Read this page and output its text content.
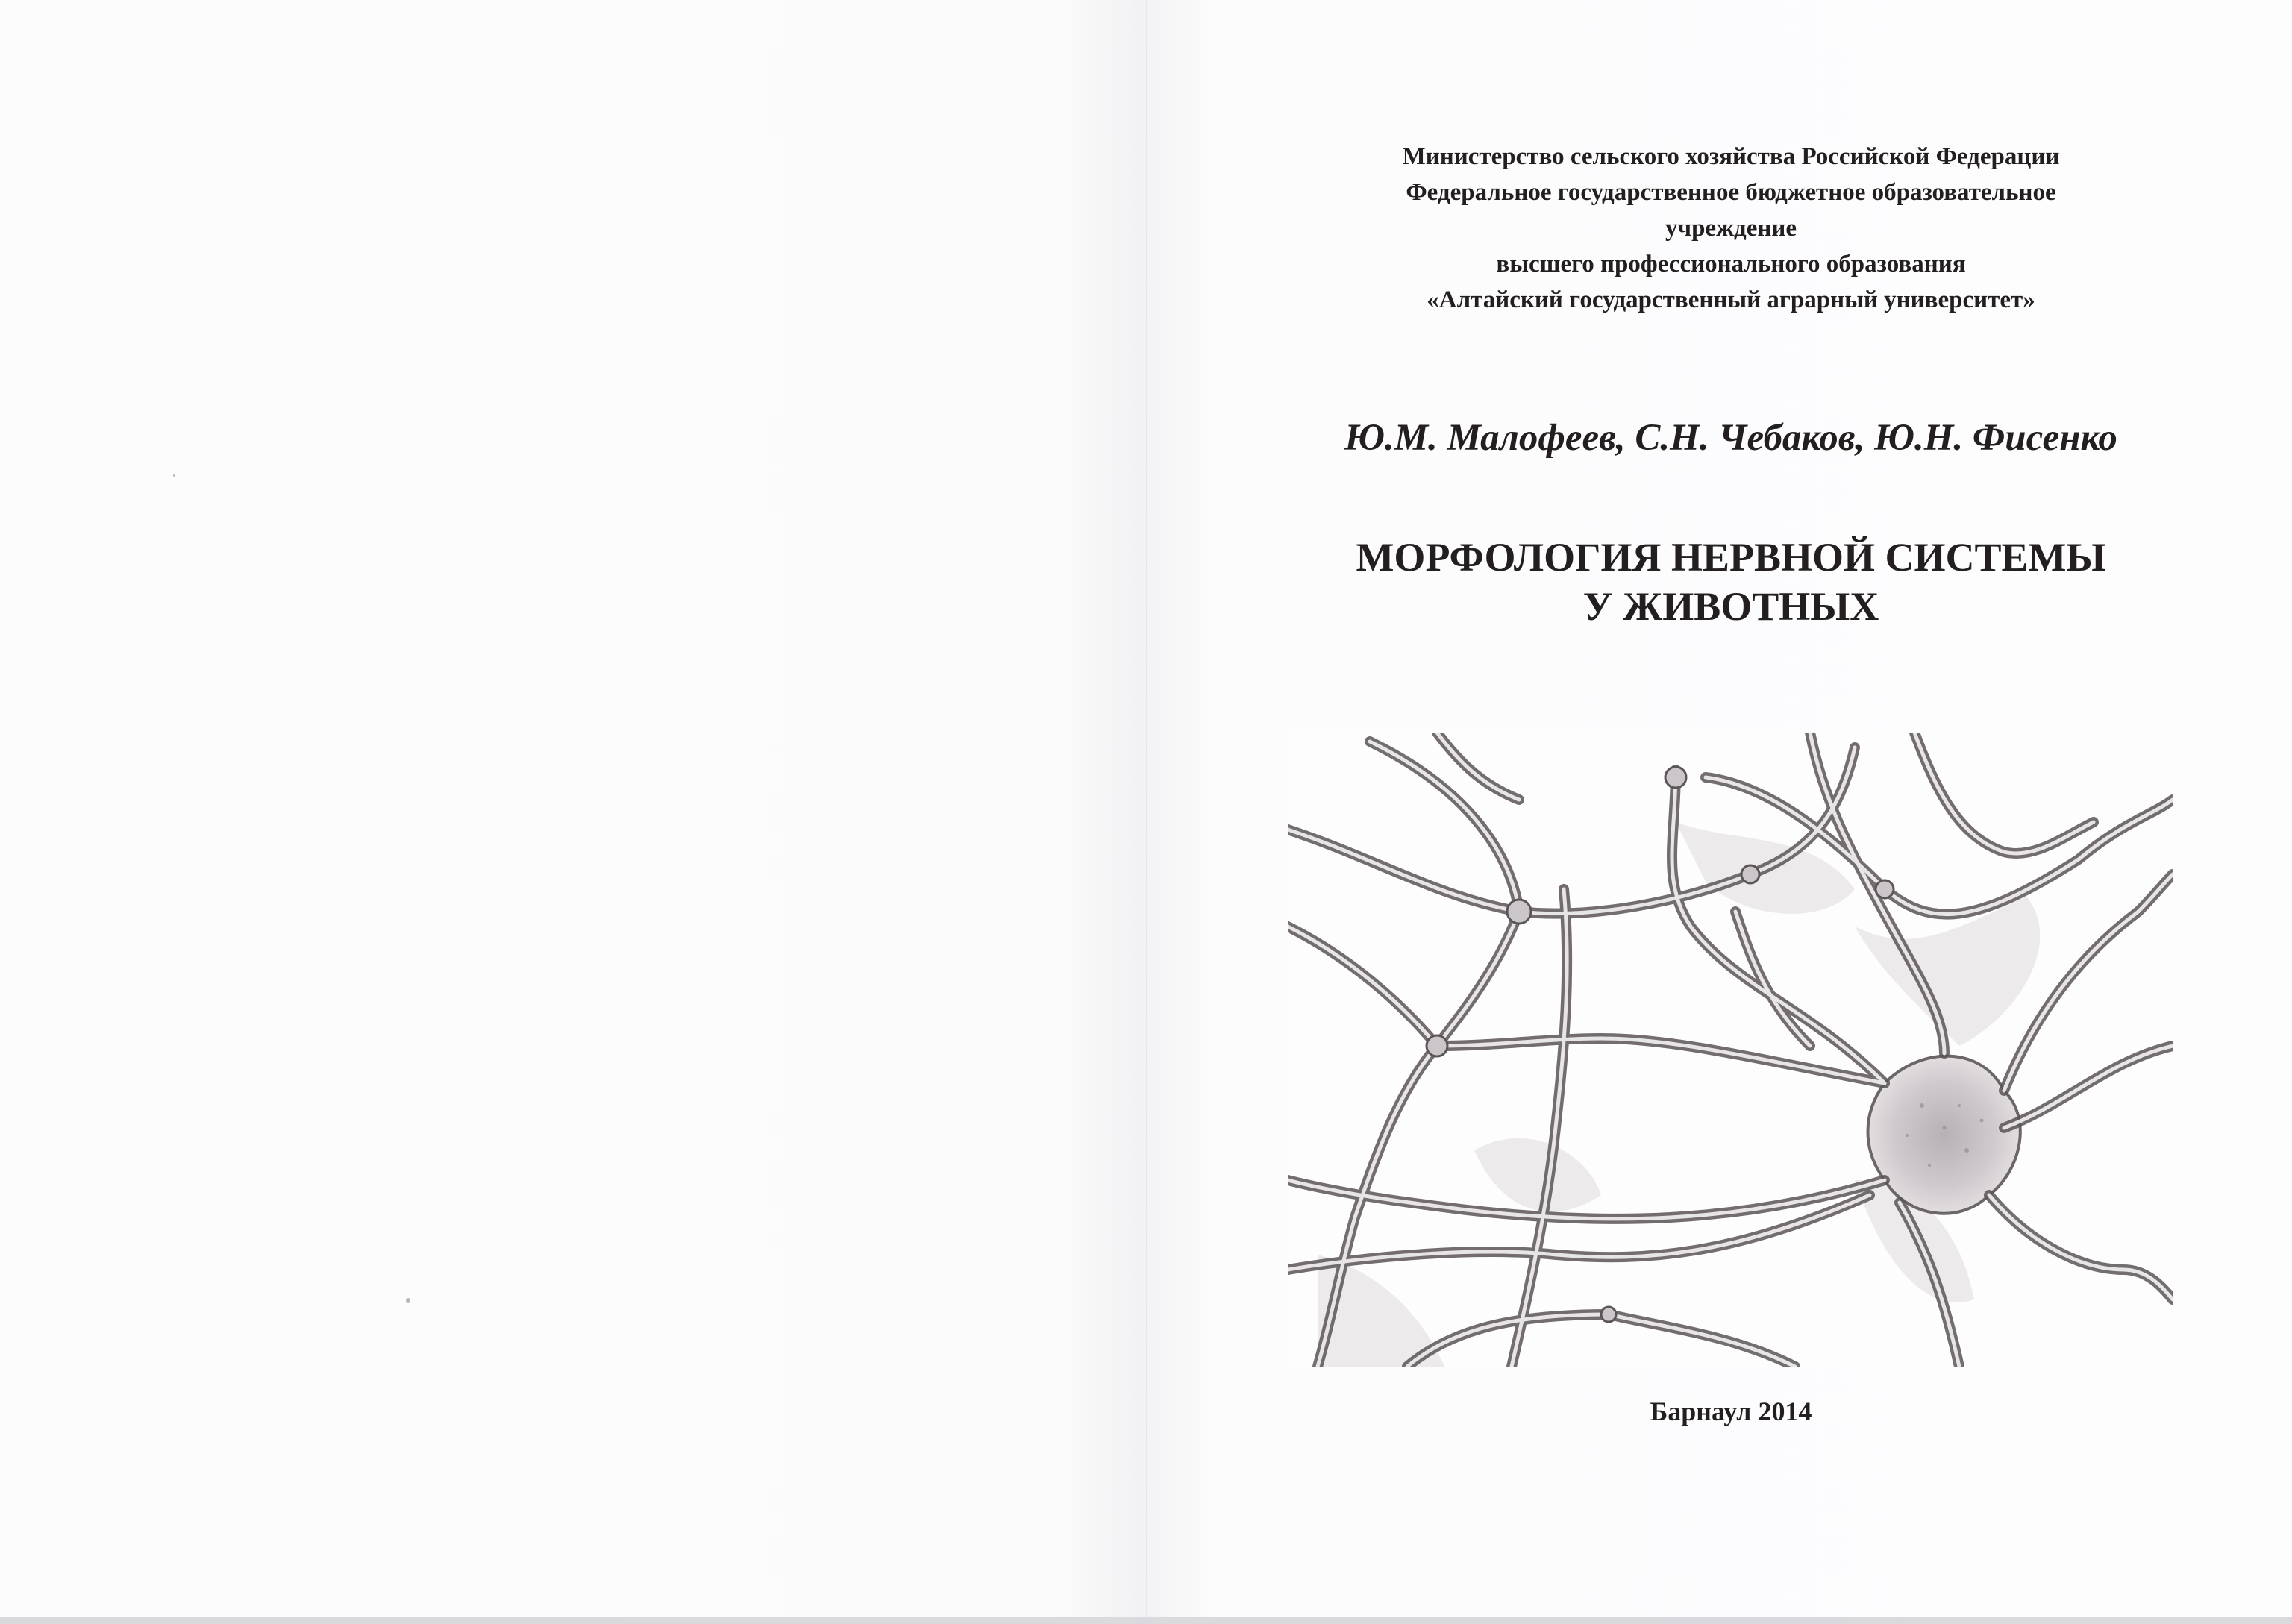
Министерство сельского хозяйства Российской Федерации
Федеральное государственное бюджетное образовательное
учреждение
высшего профессионального образования
«Алтайский государственный аграрный университет»
Ю.М. Малофеев, С.Н. Чебаков, Ю.Н. Фисенко
МОРФОЛОГИЯ НЕРВНОЙ СИСТЕМЫ
У ЖИВОТНЫХ
Барнаул 2014
